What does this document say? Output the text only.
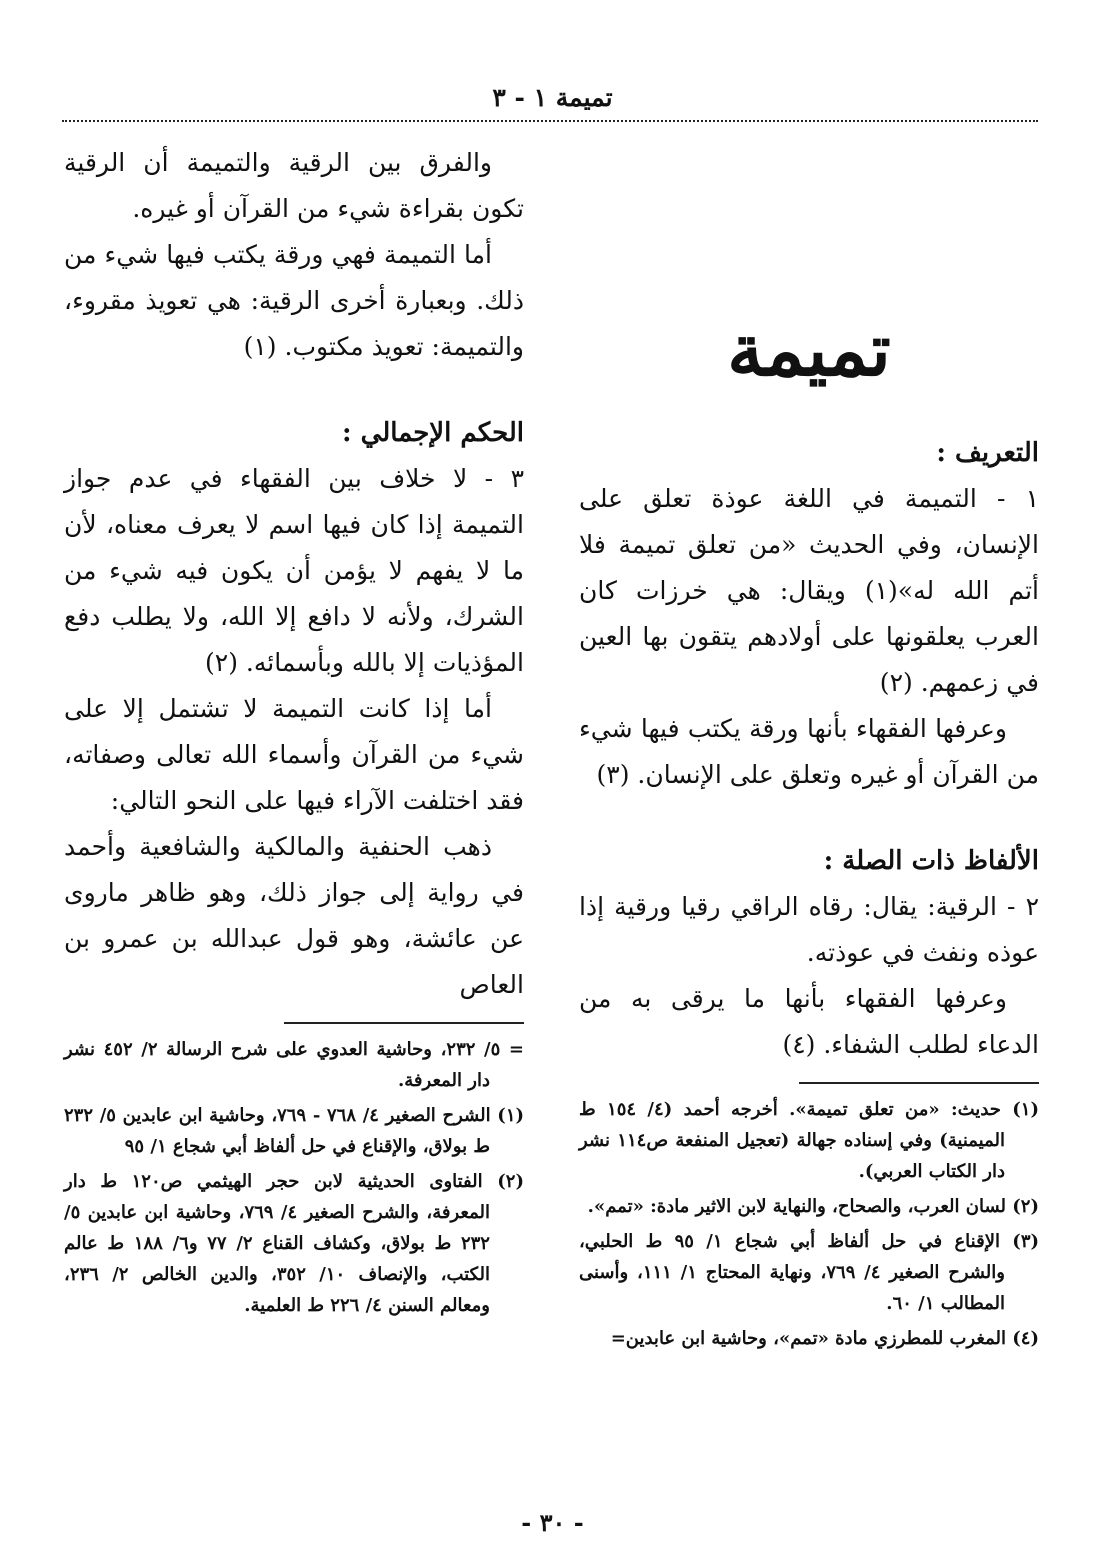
تميمة ١ - ٣
تميمة

التعريف :

١ - التميمة في اللغة عوذة تعلق على الإنسان، وفي الحديث «من تعلق تميمة فلا أتم الله له»(١) ويقال: هي خرزات كان العرب يعلقونها على أولادهم يتقون بها العين في زعمهم. (٢)

وعرفها الفقهاء بأنها ورقة يكتب فيها شيء من القرآن أو غيره وتعلق على الإنسان. (٣)

الألفاظ ذات الصلة :

٢ - الرقية: يقال: رقاه الراقي رقيا ورقية إذا عوذه ونفث في عوذته.

وعرفها الفقهاء بأنها ما يرقى به من الدعاء لطلب الشفاء. (٤)

(١) حديث: «من تعلق تميمة». أخرجه أحمد (٤/ ١٥٤ ط الميمنية) وفي إسناده جهالة (تعجيل المنفعة ص١١٤ نشر دار الكتاب العربي).

(٢) لسان العرب، والصحاح، والنهاية لابن الاثير مادة: «تمم».

(٣) الإقناع في حل ألفاظ أبي شجاع ١/ ٩٥ ط الحلبي، والشرح الصغير ٤/ ٧٦٩، ونهاية المحتاج ١/ ١١١، وأسنى المطالب ١/ ٦٠.

(٤) المغرب للمطرزي مادة «تمم»، وحاشية ابن عابدين=

والفرق بين الرقية والتميمة أن الرقية تكون بقراءة شيء من القرآن أو غيره.

أما التميمة فهي ورقة يكتب فيها شيء من ذلك. وبعبارة أخرى الرقية: هي تعويذ مقروء، والتميمة: تعويذ مكتوب. (١)

الحكم الإجمالي :

٣ - لا خلاف بين الفقهاء في عدم جواز التميمة إذا كان فيها اسم لا يعرف معناه، لأن ما لا يفهم لا يؤمن أن يكون فيه شيء من الشرك، ولأنه لا دافع إلا الله، ولا يطلب دفع المؤذيات إلا بالله وبأسمائه. (٢)

أما إذا كانت التميمة لا تشتمل إلا على شيء من القرآن وأسماء الله تعالى وصفاته، فقد اختلفت الآراء فيها على النحو التالي:

ذهب الحنفية والمالكية والشافعية وأحمد في رواية إلى جواز ذلك، وهو ظاهر ماروى عن عائشة، وهو قول عبدالله بن عمرو بن العاص

= ٥/ ٢٣٢، وحاشية العدوي على شرح الرسالة ٢/ ٤٥٢ نشر دار المعرفة.

(١) الشرح الصغير ٤/ ٧٦٨ - ٧٦٩، وحاشية ابن عابدين ٥/ ٢٣٢ ط بولاق، والإقناع في حل ألفاظ أبي شجاع ١/ ٩٥

(٢) الفتاوى الحديثية لابن حجر الهيثمي ص١٢٠ ط دار المعرفة، والشرح الصغير ٤/ ٧٦٩، وحاشية ابن عابدين ٥/ ٢٣٢ ط بولاق، وكشاف القناع ٢/ ٧٧ و٦/ ١٨٨ ط عالم الكتب، والإنصاف ١٠/ ٣٥٢، والدين الخالص ٢/ ٢٣٦، ومعالم السنن ٤/ ٢٢٦ ط العلمية.

- ٣٠ -
